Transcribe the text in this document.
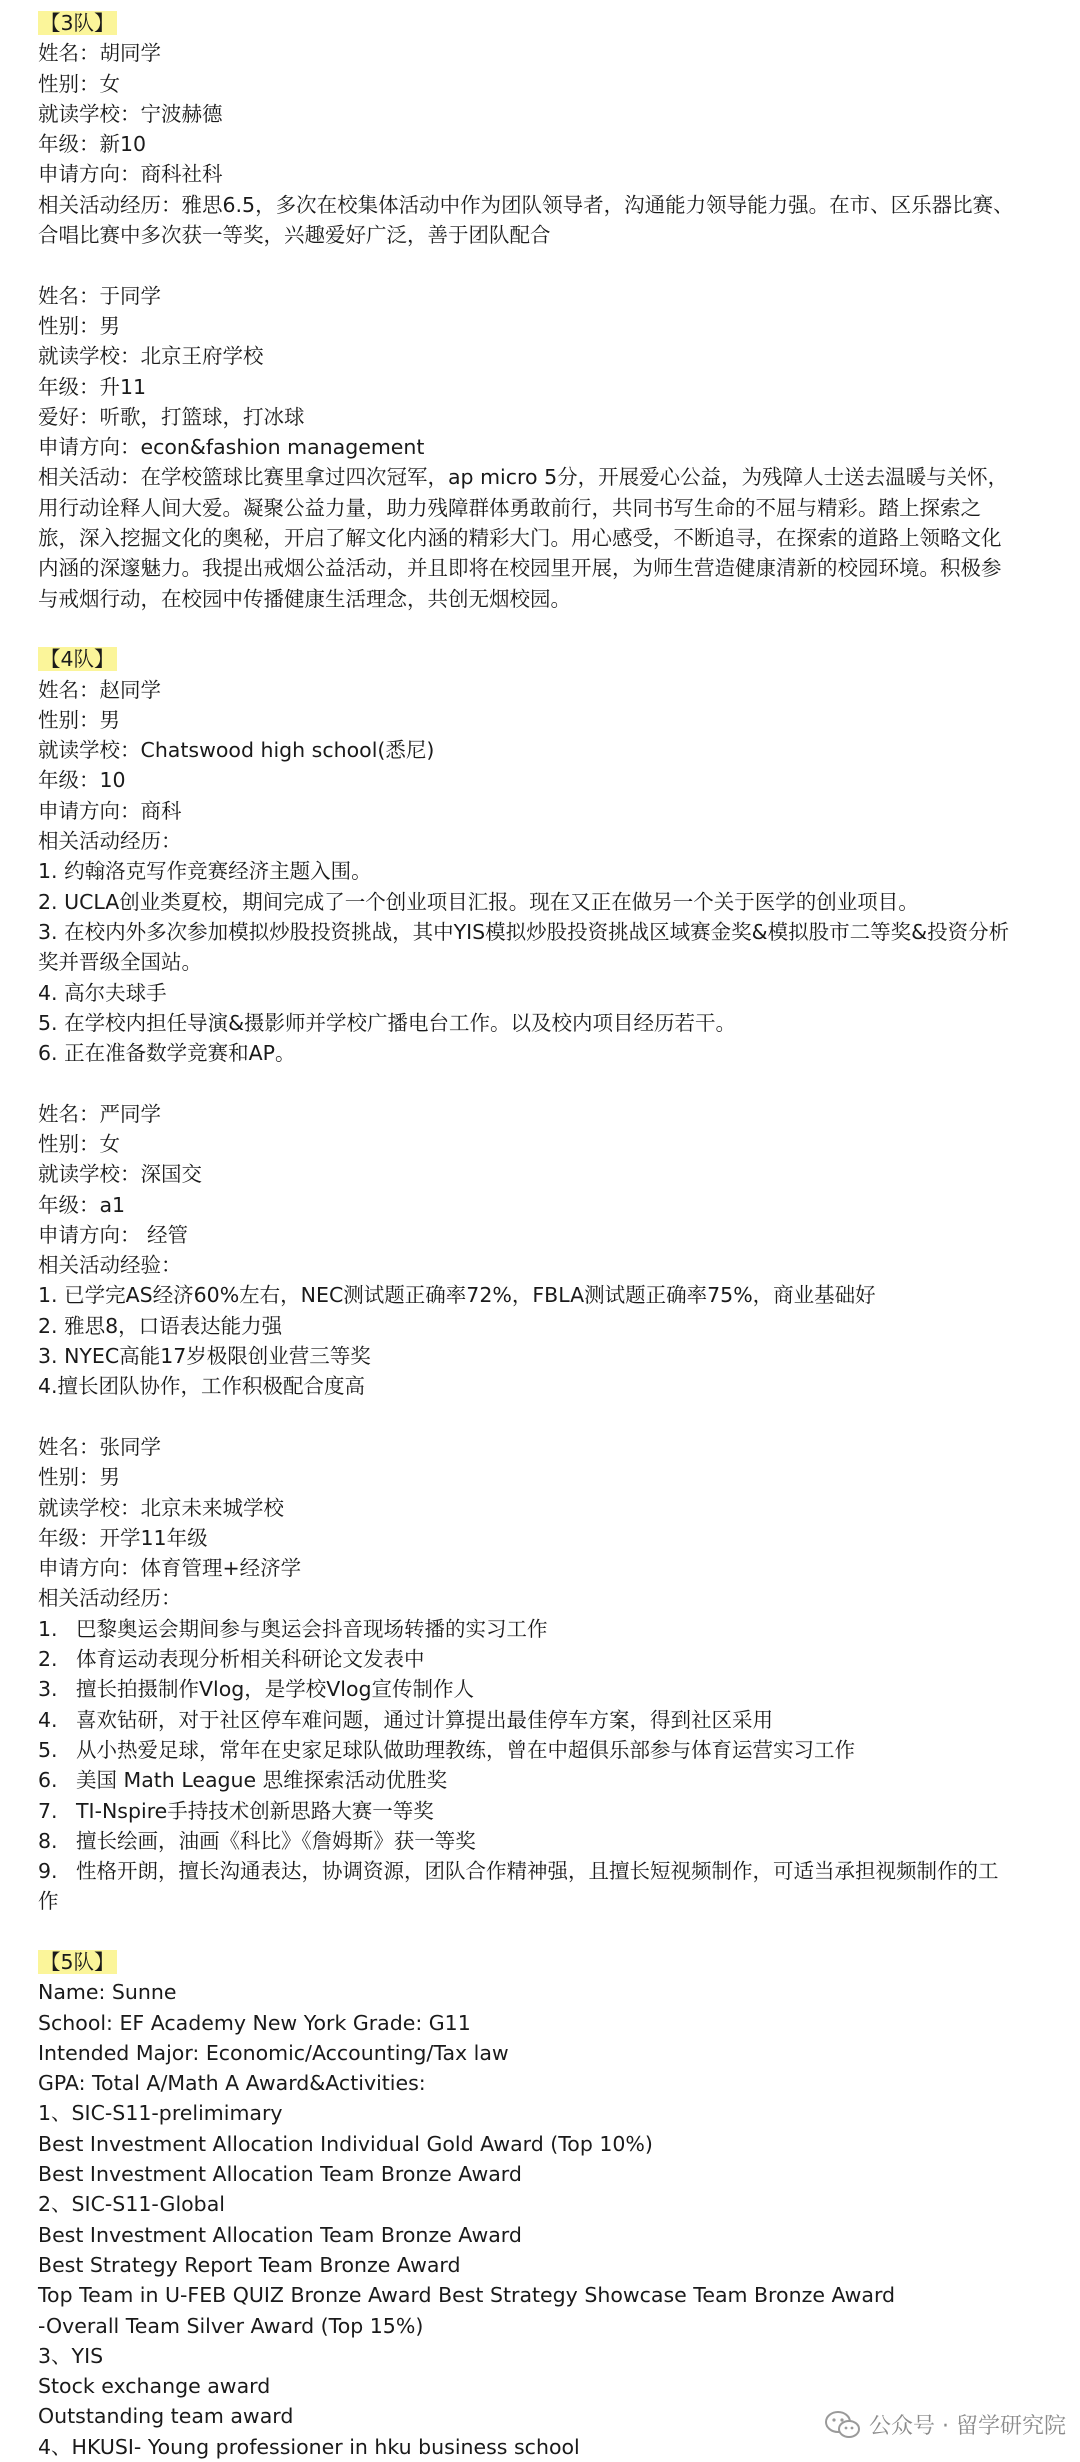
【3队】
姓名：胡同学
性别：女
就读学校：宁波赫德
年级：新10
申请方向：商科社科
相关活动经历：雅思6.5，多次在校集体活动中作为团队领导者，沟通能力领导能力强。在市、区乐器比赛、
合唱比赛中多次获一等奖，兴趣爱好广泛，善于团队配合
姓名：于同学
性别：男
就读学校：北京王府学校
年级：升11
爱好：听歌，打篮球，打冰球
申请方向：econ&fashion management
相关活动：在学校篮球比赛里拿过四次冠军，ap micro 5分，开展爱心公益，为残障人士送去温暖与关怀，
用行动诠释人间大爱。凝聚公益力量，助力残障群体勇敢前行，共同书写生命的不屈与精彩。踏上探索之
旅，深入挖掘文化的奥秘，开启了解文化内涵的精彩大门。用心感受，不断追寻，在探索的道路上领略文化
内涵的深邃魅力。我提出戒烟公益活动，并且即将在校园里开展，为师生营造健康清新的校园环境。积极参
与戒烟行动，在校园中传播健康生活理念，共创无烟校园。
【4队】
姓名：赵同学
性别：男
就读学校：Chatswood high school(悉尼)
年级：10
申请方向：商科
相关活动经历：
1. 约翰洛克写作竞赛经济主题入围。
2. UCLA创业类夏校，期间完成了一个创业项目汇报。现在又正在做另一个关于医学的创业项目。
3. 在校内外多次参加模拟炒股投资挑战，其中YIS模拟炒股投资挑战区域赛金奖&模拟股市二等奖&投资分析
奖并晋级全国站。
4. 高尔夫球手
5. 在学校内担任导演&摄影师并学校广播电台工作。以及校内项目经历若干。
6. 正在准备数学竞赛和AP。
姓名：严同学
性别：女
就读学校：深国交
年级：a1
申请方向： 经管
相关活动经验：
1. 已学完AS经济60%左右，NEC测试题正确率72%，FBLA测试题正确率75%，商业基础好
2. 雅思8，口语表达能力强
3. NYEC高能17岁极限创业营三等奖
4.擅长团队协作，工作积极配合度高
姓名：张同学
性别：男
就读学校：北京未来城学校
年级：开学11年级
申请方向：体育管理+经济学
相关活动经历：
1. 巴黎奥运会期间参与奥运会抖音现场转播的实习工作
2. 体育运动表现分析相关科研论文发表中
3. 擅长拍摄制作Vlog，是学校Vlog宣传制作人
4. 喜欢钻研，对于社区停车难问题，通过计算提出最佳停车方案，得到社区采用
5. 从小热爱足球，常年在史家足球队做助理教练，曾在中超俱乐部参与体育运营实习工作
6. 美国 Math League 思维探索活动优胜奖
7. TI-Nspire手持技术创新思路大赛一等奖
8. 擅长绘画，油画《科比》《詹姆斯》获一等奖
9. 性格开朗，擅长沟通表达，协调资源，团队合作精神强，且擅长短视频制作，可适当承担视频制作的工
作
【5队】
Name: Sunne
School: EF Academy New York Grade: G11
Intended Major: Economic/Accounting/Tax law
GPA: Total A/Math A Award&Activities:
1、SIC-S11-prelimimary
Best Investment Allocation Individual Gold Award (Top 10%)
Best Investment Allocation Team Bronze Award
2、SIC-S11-Global
Best Investment Allocation Team Bronze Award
Best Strategy Report Team Bronze Award
Top Team in U-FEB QUIZ Bronze Award Best Strategy Showcase Team Bronze Award
-Overall Team Silver Award (Top 15%)
3、YIS
Stock exchange award
Outstanding team award
4、HKUSI- Young professioner in hku business school
公众号 · 留学研究院
